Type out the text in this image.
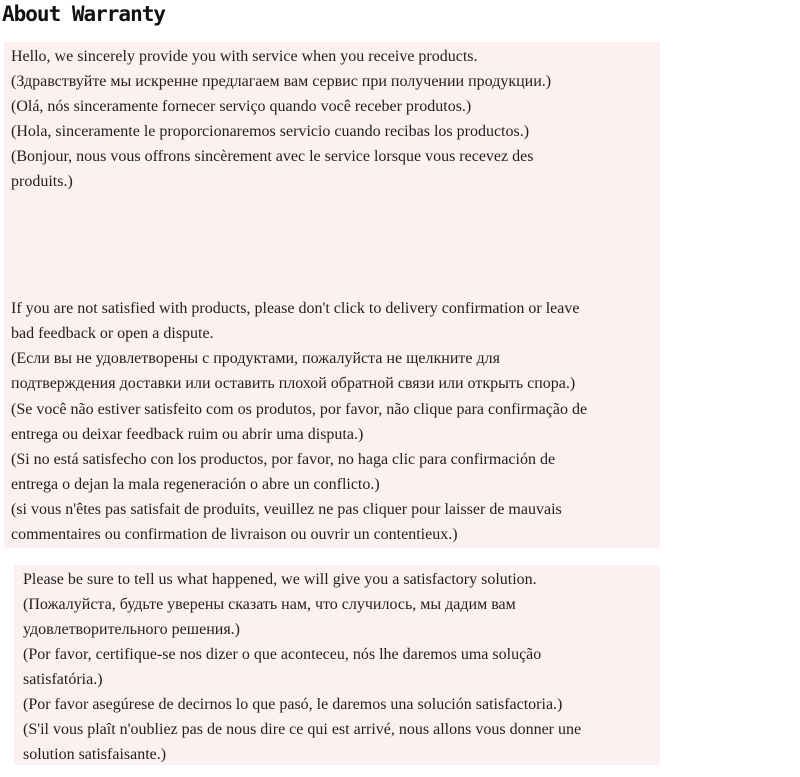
About Warranty
Hello, we sincerely provide you with service when you receive products.
(Здравствуйте мы искренне предлагаем вам сервис при получении продукции.)
(Olá, nós sinceramente fornecer serviço quando você receber produtos.)
(Hola, sinceramente le proporcionaremos servicio cuando recibas los productos.)
(Bonjour, nous vous offrons sincèrement avec le service lorsque vous recevez des
produits.)
If you are not satisfied with products, please don't click to delivery confirmation or leave
bad feedback or open a dispute.
(Если вы не удовлетворены с продуктами, пожалуйста не щелкните для
подтверждения доставки или оставить плохой обратной связи или открыть спора.)
(Se você não estiver satisfeito com os produtos, por favor, não clique para confirmação de
entrega ou deixar feedback ruim ou abrir uma disputa.)
(Si no está satisfecho con los productos, por favor, no haga clic para confirmación de
entrega o dejan la mala regeneración o abre un conflicto.)
(si vous n'êtes pas satisfait de produits, veuillez ne pas cliquer pour laisser de mauvais
commentaires ou confirmation de livraison ou ouvrir un contentieux.)
Please be sure to tell us what happened, we will give you a satisfactory solution.
(Пожалуйста, будьте уверены сказать нам, что случилось, мы дадим вам
удовлетворительного решения.)
(Por favor, certifique-se nos dizer o que aconteceu, nós lhe daremos uma solução
satisfatória.)
(Por favor asegúrese de decirnos lo que pasó, le daremos una solución satisfactoria.)
(S'il vous plaît n'oubliez pas de nous dire ce qui est arrivé, nous allons vous donner une
solution satisfaisante.)
